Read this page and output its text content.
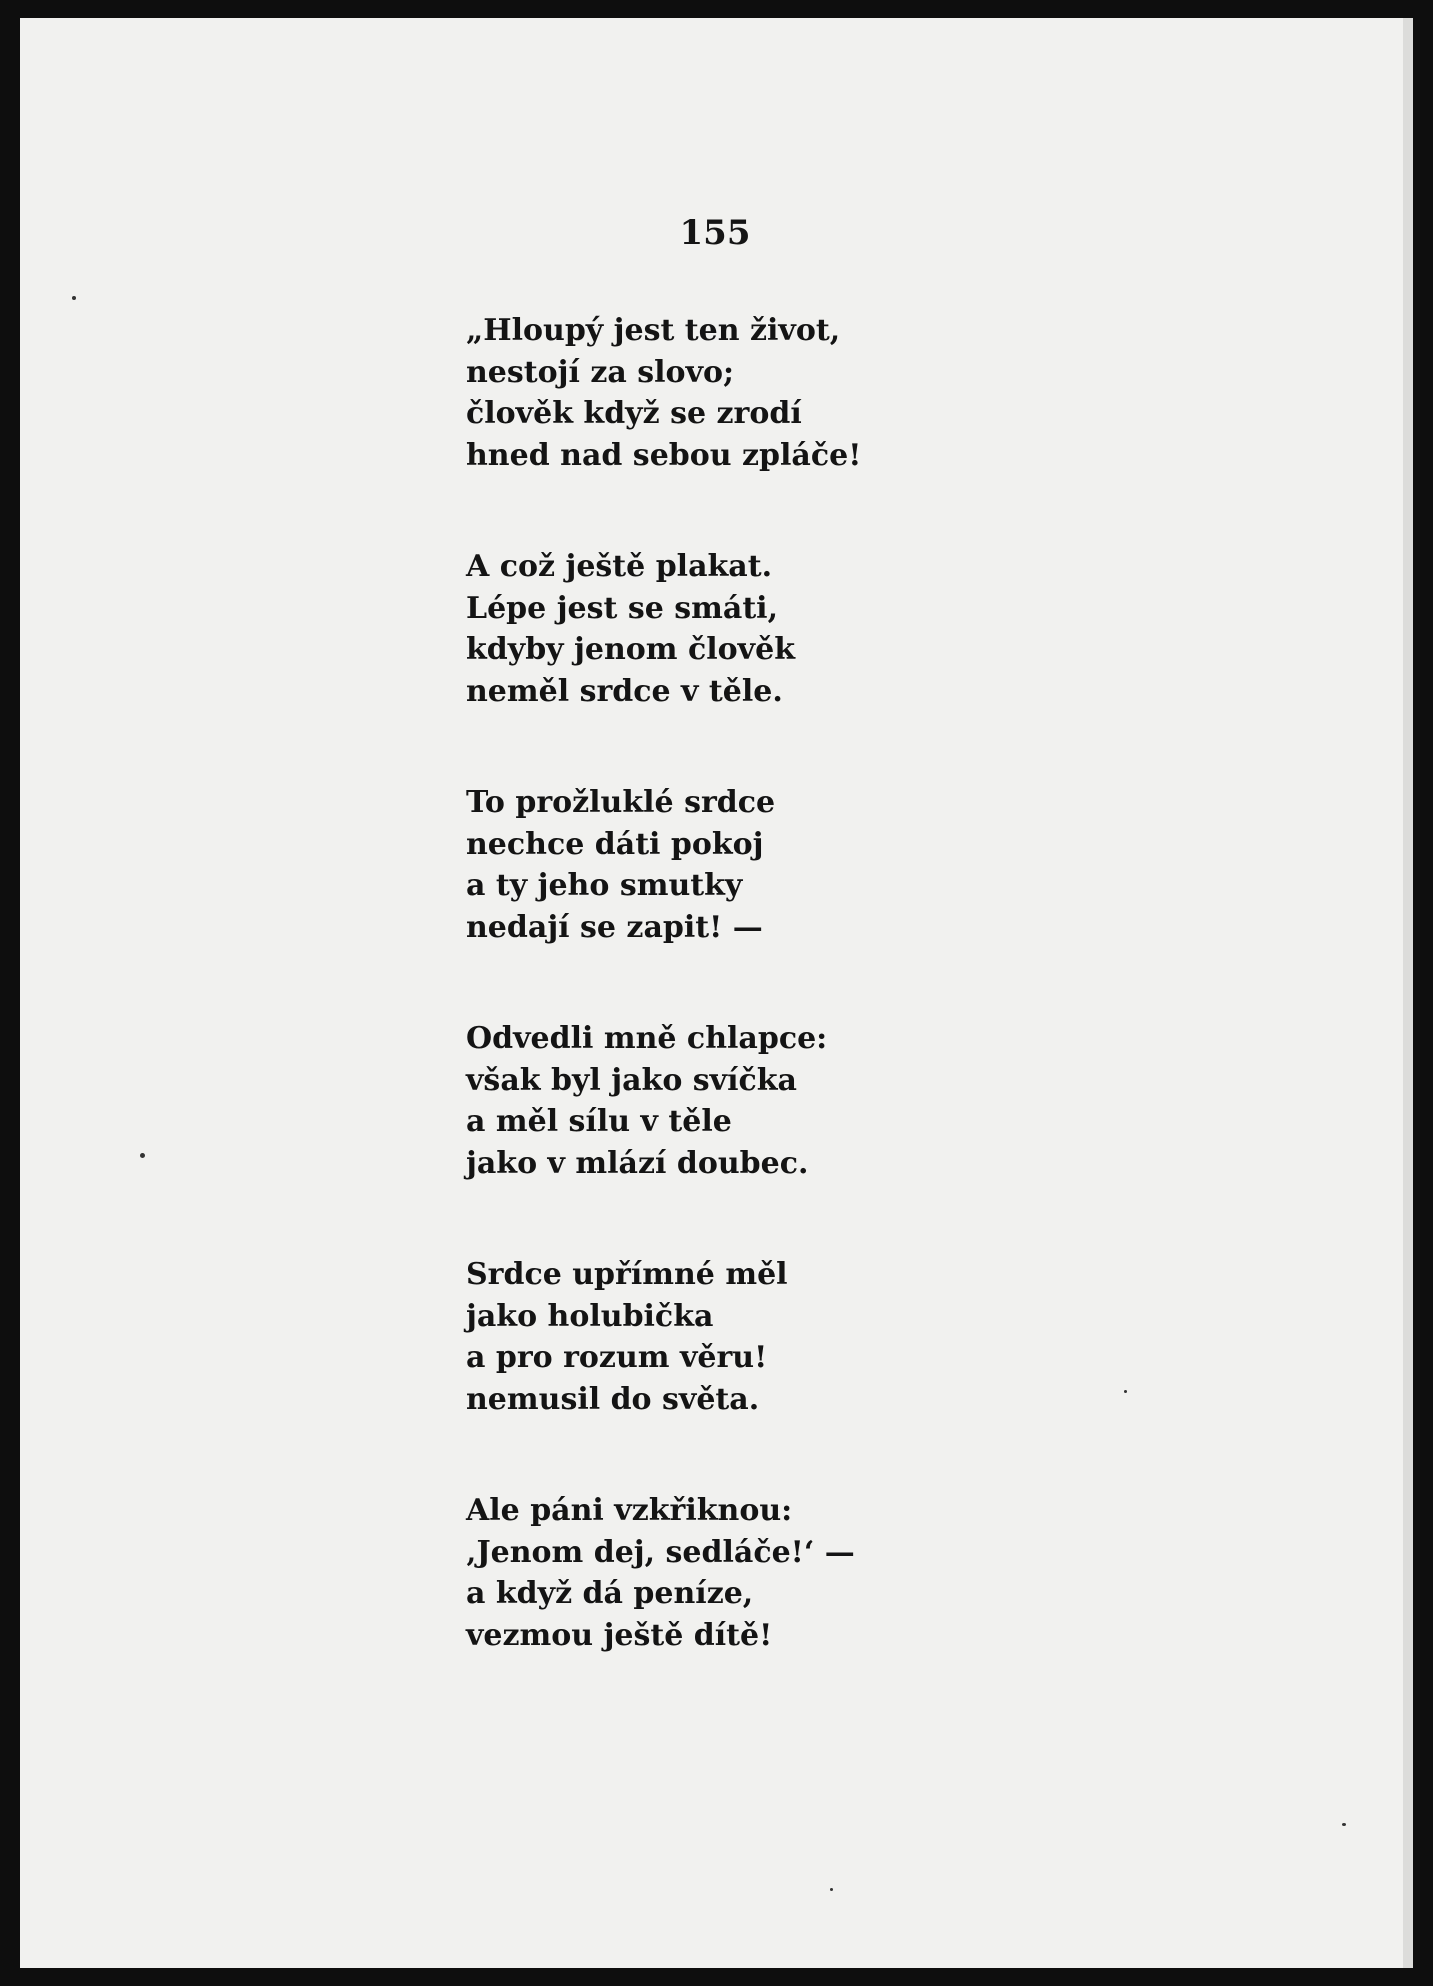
155
„Hloupý jest ten život,
nestojí za slovo;
člověk když se zrodí
hned nad sebou zpláče!
A což ještě plakat.
Lépe jest se smáti,
kdyby jenom člověk
neměl srdce v těle.
To prožluklé srdce
nechce dáti pokoj
a ty jeho smutky
nedají se zapit! —
Odvedli mně chlapce:
však byl jako svíčka
a měl sílu v těle
jako v mlází doubec.
Srdce upřímné měl
jako holubička
a pro rozum věru!
nemusil do světa.
Ale páni vzkřiknou:
‚Jenom dej, sedláče!‘ —
a když dá peníze,
vezmou ještě dítě!
